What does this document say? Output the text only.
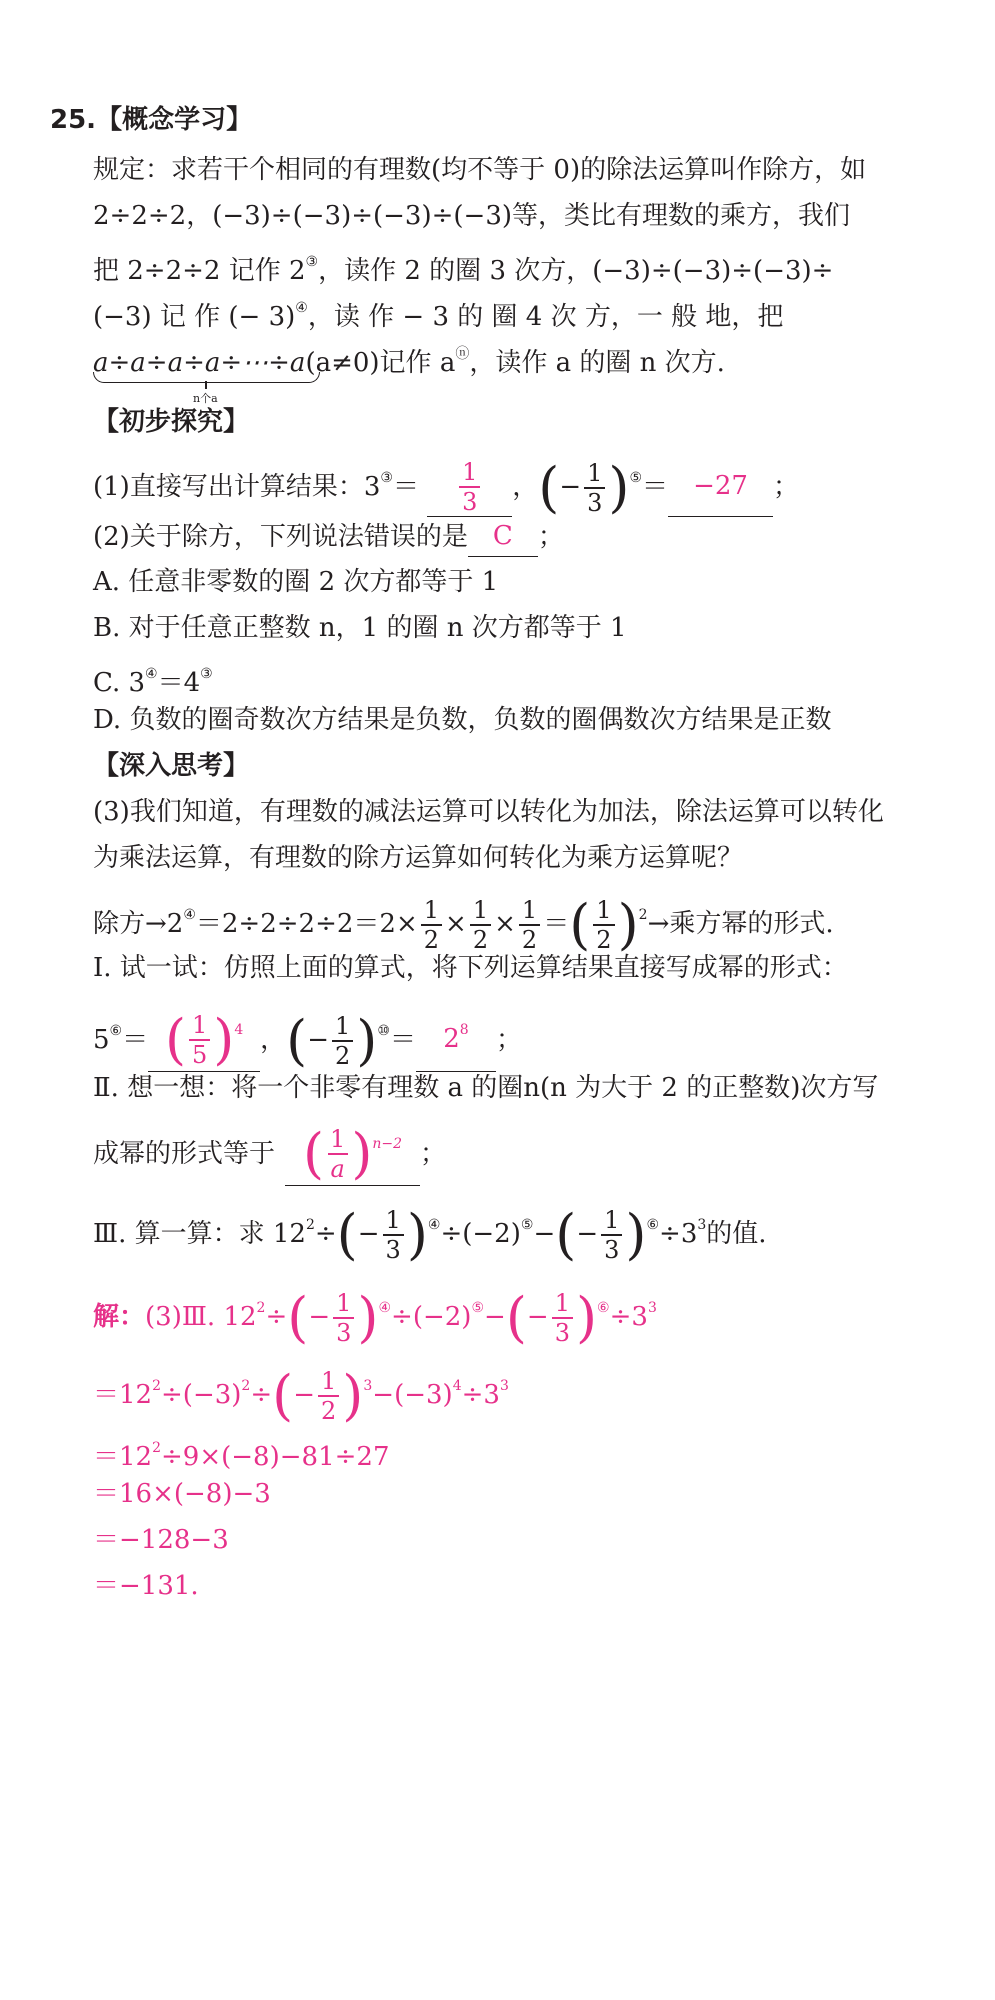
25.【概念学习】
规定：求若干个相同的有理数(均不等于 0)的除法运算叫作除方，如
2÷2÷2，(−3)÷(−3)÷(−3)÷(−3)等，类比有理数的乘方，我们
把 2÷2÷2 记作 2③，读作 2 的圈 3 次方，(−3)÷(−3)÷(−3)÷
(−3) 记 作 (− 3)④，读 作 − 3 的 圈 4 次 方，一 般 地，把
a÷a÷a÷a÷⋯÷a(a≠0)记作 aⓝ，读作 a 的圈 n 次方.
n个a
【初步探究】
(1)直接写出计算结果：$3^③= \frac{1}{3}$ ，(− $\frac{1}{3} )^⑤= -27$ ；
(2)关于除方，下列说法错误的是 C ；
A. 任意非零数的圈 2 次方都等于 1
B. 对于任意正整数 n，1 的圈 n 次方都等于 1
C. 3④＝4③
D. 负数的圈奇数次方结果是负数，负数的圈偶数次方结果是正数
【深入思考】
(3)我们知道，有理数的减法运算可以转化为加法，除法运算可以转化
为乘法运算，有理数的除方运算如何转化为乘方运算呢？
除方$\to 2^④=2\div 2\div 2\div 2=2\times \frac{1}{2} \times \frac{1}{2} \times \frac{1}{2}$ ＝( $\frac{1}{2} )^2\to$乘方幂的形式.
Ⅰ. 试一试：仿照上面的算式，将下列运算结果直接写成幂的形式：
5⑥＝ ( $\frac{1}{5} )^4$ ，(− $\frac{1}{2} )^⑩= 2^8$ ；
Ⅱ. 想一想：将一个非零有理数 a 的圈n(n 为大于 2 的正整数)次方写
成幂的形式等于 ( $\frac{1}{a} )^{n-2}$ ；
Ⅲ. 算一算：求 $12^2\div(- \frac{1}{3} )^④\div(-2)^⑤-(- \frac{1}{3} )^⑥\div 3^3$的值.
解：(3)Ⅲ. $12^2\div(- \frac{1}{3} )^④\div(-2)^⑤-(- \frac{1}{3} )^⑥\div 3^3$
$=12^2\div(-3)^2\div(- \frac{1}{2} )^3-(-3)^4\div 3^3$
$=12^2\div 9\times(-8)-81\div 27$
＝16×(−8)−3
＝−128−3
＝−131.
